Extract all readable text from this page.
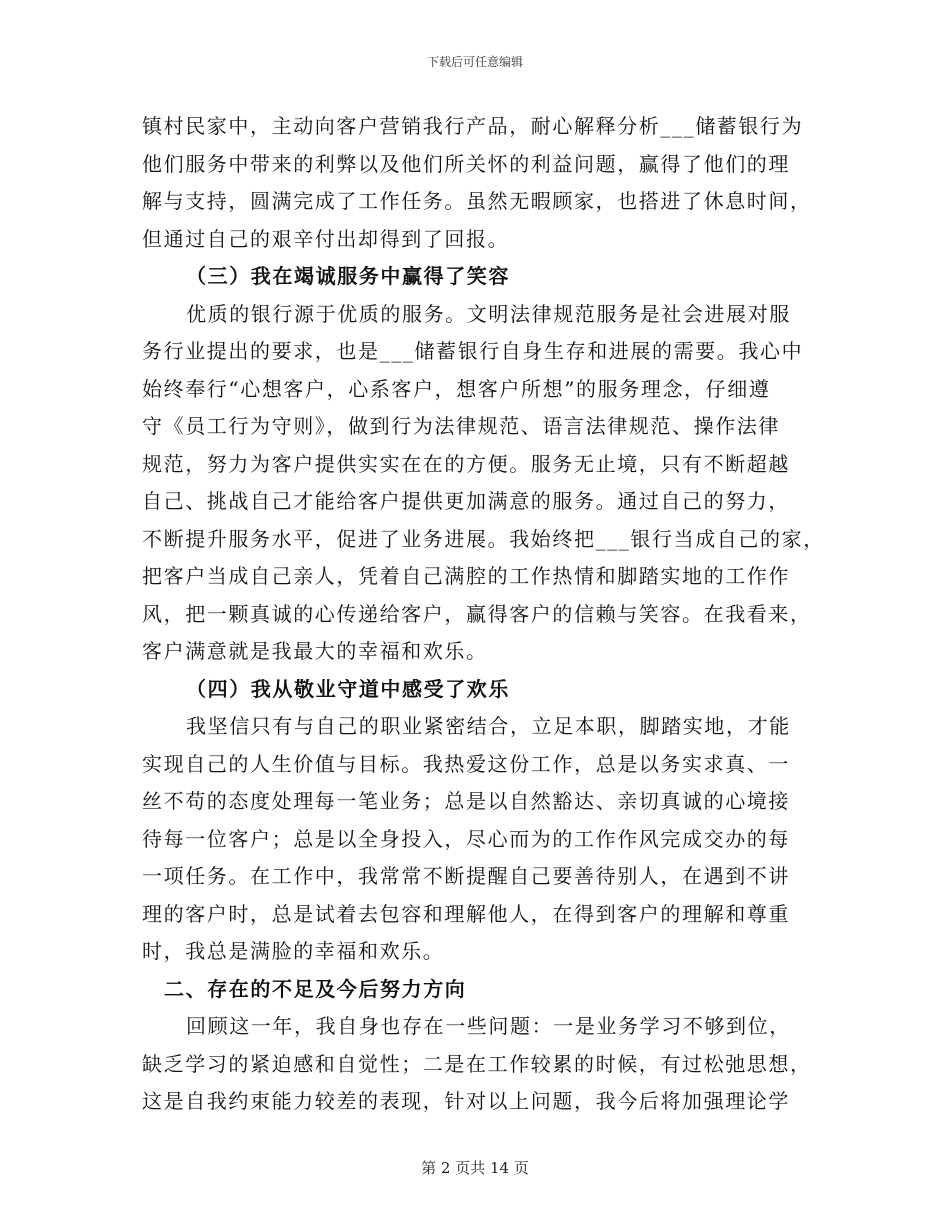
下载后可任意编辑
镇村民家中，主动向客户营销我行产品，耐心解释分析___储蓄银行为
他们服务中带来的利弊以及他们所关怀的利益问题，赢得了他们的理
解与支持，圆满完成了工作任务。虽然无暇顾家，也搭进了休息时间，
但通过自己的艰辛付出却得到了回报。
（三）我在竭诚服务中赢得了笑容
优质的银行源于优质的服务。文明法律规范服务是社会进展对服
务行业提出的要求，也是___储蓄银行自身生存和进展的需要。我心中
始终奉行“心想客户，心系客户，想客户所想”的服务理念，仔细遵
守《员工行为守则》，做到行为法律规范、语言法律规范、操作法律
规范，努力为客户提供实实在在的方便。服务无止境，只有不断超越
自己、挑战自己才能给客户提供更加满意的服务。通过自己的努力，
不断提升服务水平，促进了业务进展。我始终把___银行当成自己的家，
把客户当成自己亲人，凭着自己满腔的工作热情和脚踏实地的工作作
风，把一颗真诚的心传递给客户，赢得客户的信赖与笑容。在我看来，
客户满意就是我最大的幸福和欢乐。
（四）我从敬业守道中感受了欢乐
我坚信只有与自己的职业紧密结合，立足本职，脚踏实地，才能
实现自己的人生价值与目标。我热爱这份工作，总是以务实求真、一
丝不苟的态度处理每一笔业务；总是以自然豁达、亲切真诚的心境接
待每一位客户；总是以全身投入，尽心而为的工作作风完成交办的每
一项任务。在工作中，我常常不断提醒自己要善待别人，在遇到不讲
理的客户时，总是试着去包容和理解他人，在得到客户的理解和尊重
时，我总是满脸的幸福和欢乐。
二、存在的不足及今后努力方向
回顾这一年，我自身也存在一些问题：一是业务学习不够到位，
缺乏学习的紧迫感和自觉性；二是在工作较累的时候，有过松弛思想，
这是自我约束能力较差的表现，针对以上问题，我今后将加强理论学
第 2 页共 14 页
